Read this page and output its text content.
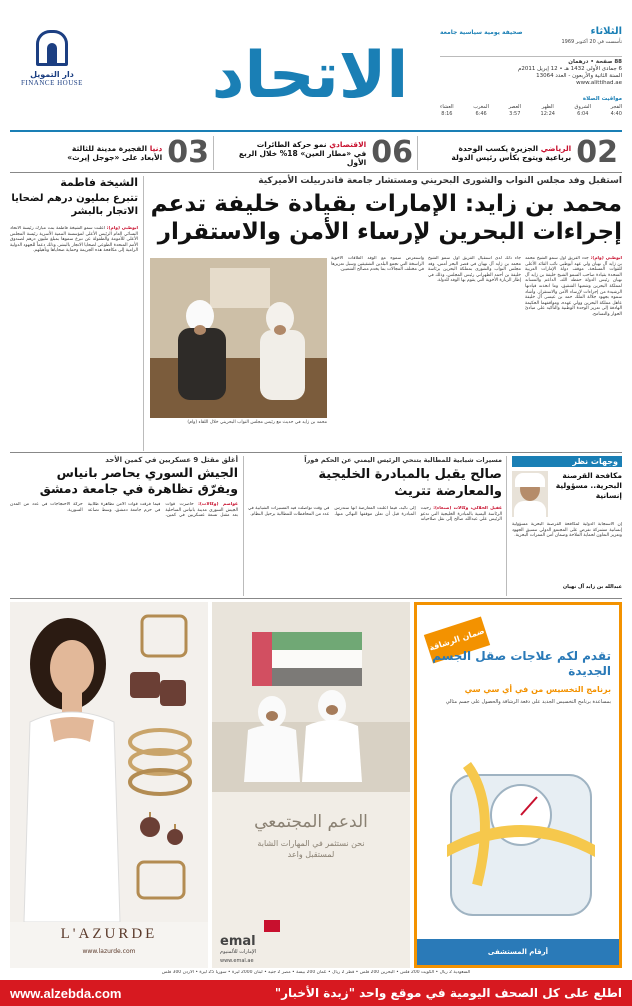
دار التمويل
FINANCE HOUSE	الاتحاد
الثلاثاء
صحيفة يومية سياسية جامعة
تأسست في 20 أكتوبر 1969
88 صفحة • درهمان
6 جمادى الأولى 1432 هـ • 12 إبريل 2011م
السنة الثانية والأربعون - العدد 13064
www.alittihad.ae
مواقيت الصلاة
الفجر
4:40
الشروق
6:04
الظهر
12:24
العصر
3:57
المغرب
6:46
العشاء
8:16
02
الرياضي الجزيرة يكسب الوحدة
برباعية ويتوج بكأس رئيس الدولة
06
الاقتصادي نمو حركة الطائرات
في «مطار العين» 18% خلال الربع الأول
03
دنيا الفجيرة مدينة للثالثة
الأبعاد على «جوجل إيرث»
استقبل وفد مجلس النواب والشورى البحريني ومستشار جامعة فاندربيلت الأميركية
محمد بن زايد: الإمارات بقيادة خليفة تدعم
إجراءات البحرين لإرساء الأمن والاستقرار
الشيخة فاطمة
تتبرع بمليون درهم لضحايا الاتجار بالبشر
أبوظبي (وام): أعلنت سمو الشيخة فاطمة بنت مبارك رئيسة الاتحاد النسائي العام الرئيس الأعلى لمؤسسة التنمية الأسرية رئيسة المجلس الأعلى للأمومة والطفولة عن تبرع سموها بمبلغ مليون درهم لصندوق الأمم المتحدة الطوعي لضحايا الاتجار بالبشر، وذلك دعماً للجهود الدولية الرامية إلى مكافحة هذه الجريمة وحماية ضحاياها وتأهيلهم.
أبوظبي (وام): جدد الفريق أول سمو الشيخ محمد بن زايد آل نهيان ولي عهد أبوظبي نائب القائد الأعلى للقوات المسلحة، موقف دولة الإمارات العربية المتحدة بقيادة صاحب السمو الشيخ خليفة بن زايد آل نهيان رئيس الدولة حفظه الله، الداعم والمساند لمملكة البحرين وشعبها الشقيق، وما اتخذته قيادتها الرشيدة من إجراءات لإرساء الأمن والاستقرار. وأشاد سموه بجهود جلالة الملك حمد بن عيسى آل خليفة عاهل مملكة البحرين وولي عهده، ومواقفهما الحكيمة الهادفة إلى تعزيز الوحدة الوطنية والتأكيد على مبادئ الحوار والتسامح.
جاء ذلك لدى استقبال الفريق أول سمو الشيخ محمد بن زايد آل نهيان في قصر البحر أمس، وفد مجلس النواب والشورى بمملكة البحرين برئاسة خليفة بن أحمد الظهراني رئيس المجلس، وذلك في إطار الزيارة الأخوية التي يقوم بها الوفد للدولة.
واستعرض سموه مع الوفد العلاقات الأخوية الراسخة التي تجمع البلدين الشقيقين وسبل تعزيزها في مختلف المجالات بما يخدم مصالح الشعبين.
محمد بن زايد في حديث مع رئيس مجلس النواب البحريني خلال اللقاء (وام)
وجهات نظر
مكافحة القرصنة البحرية.. مسؤولية إنسانية
إن الاستجابة الدولية لمكافحة القرصنة البحرية مسؤولية إنسانية مشتركة تفرض على المجتمع الدولي تنسيق الجهود وتعزيز التعاون لحماية الملاحة وضمان أمن الممرات البحرية.
عبدالله بن زايد آل نهيان
مسيرات شبابية للمطالبة بتنحي الرئيس اليمني عن الحكم فوراً
صالح يقبل بالمبادرة الخليجية والمعارضة تتريث
عقيل الحلالي، وكالات (صنعاء): رحبت الرئاسة اليمنية بالمبادرة الخليجية التي تدعو الرئيس علي عبدالله صالح إلى نقل صلاحياته إلى نائبه، فيما أعلنت المعارضة أنها ستدرس المبادرة قبل أن تعلن موقفها النهائي منها، في وقت تواصلت فيه المسيرات الشبابية في عدد من المحافظات للمطالبة برحيل النظام.
أغلق مقتل 9 عسكريين في كمين الأحد
الجيش السوري يحاصر بانياس
ويفرّق تظاهرة في جامعة دمشق
عواصم (وكالات): حاصرت قوات الجيش السوري مدينة بانياس الساحلية بعد مقتل تسعة عسكريين في كمين، فيما فرقت قوات الأمن تظاهرة طلابية في حرم جامعة دمشق، وسط تصاعد حركة الاحتجاجات في عدد من المدن السورية.
L'AZURDE
www.lazurde.com
الدعم المجتمعي
نحن نستثمر في المهارات الشابة لمستقبل واعد
emal
الإمارات للألمنيوم
www.emal.ae
ضمان الرشاقة
تقدم لكم علاجات صقل الجسم الجديدة
برنامج التخسيس من في أي سي سي
بمساعدة برنامج التخسيس الجديد على دفعة الرشاقة والحصول على جسم مثالي
أرقام المستشفى
السعودية 2 ريال • الكويت 200 فلس • البحرين 200 فلس • قطر 2 ريال • عُمان 200 بيسة • مصر 2 جنيه • لبنان 2000 ليرة • سوريا 25 ليرة • الأردن 300 فلس
اطلع على كل الصحف اليومية في موقع واحد "زبدة الأخبار"
www.alzebda.com
